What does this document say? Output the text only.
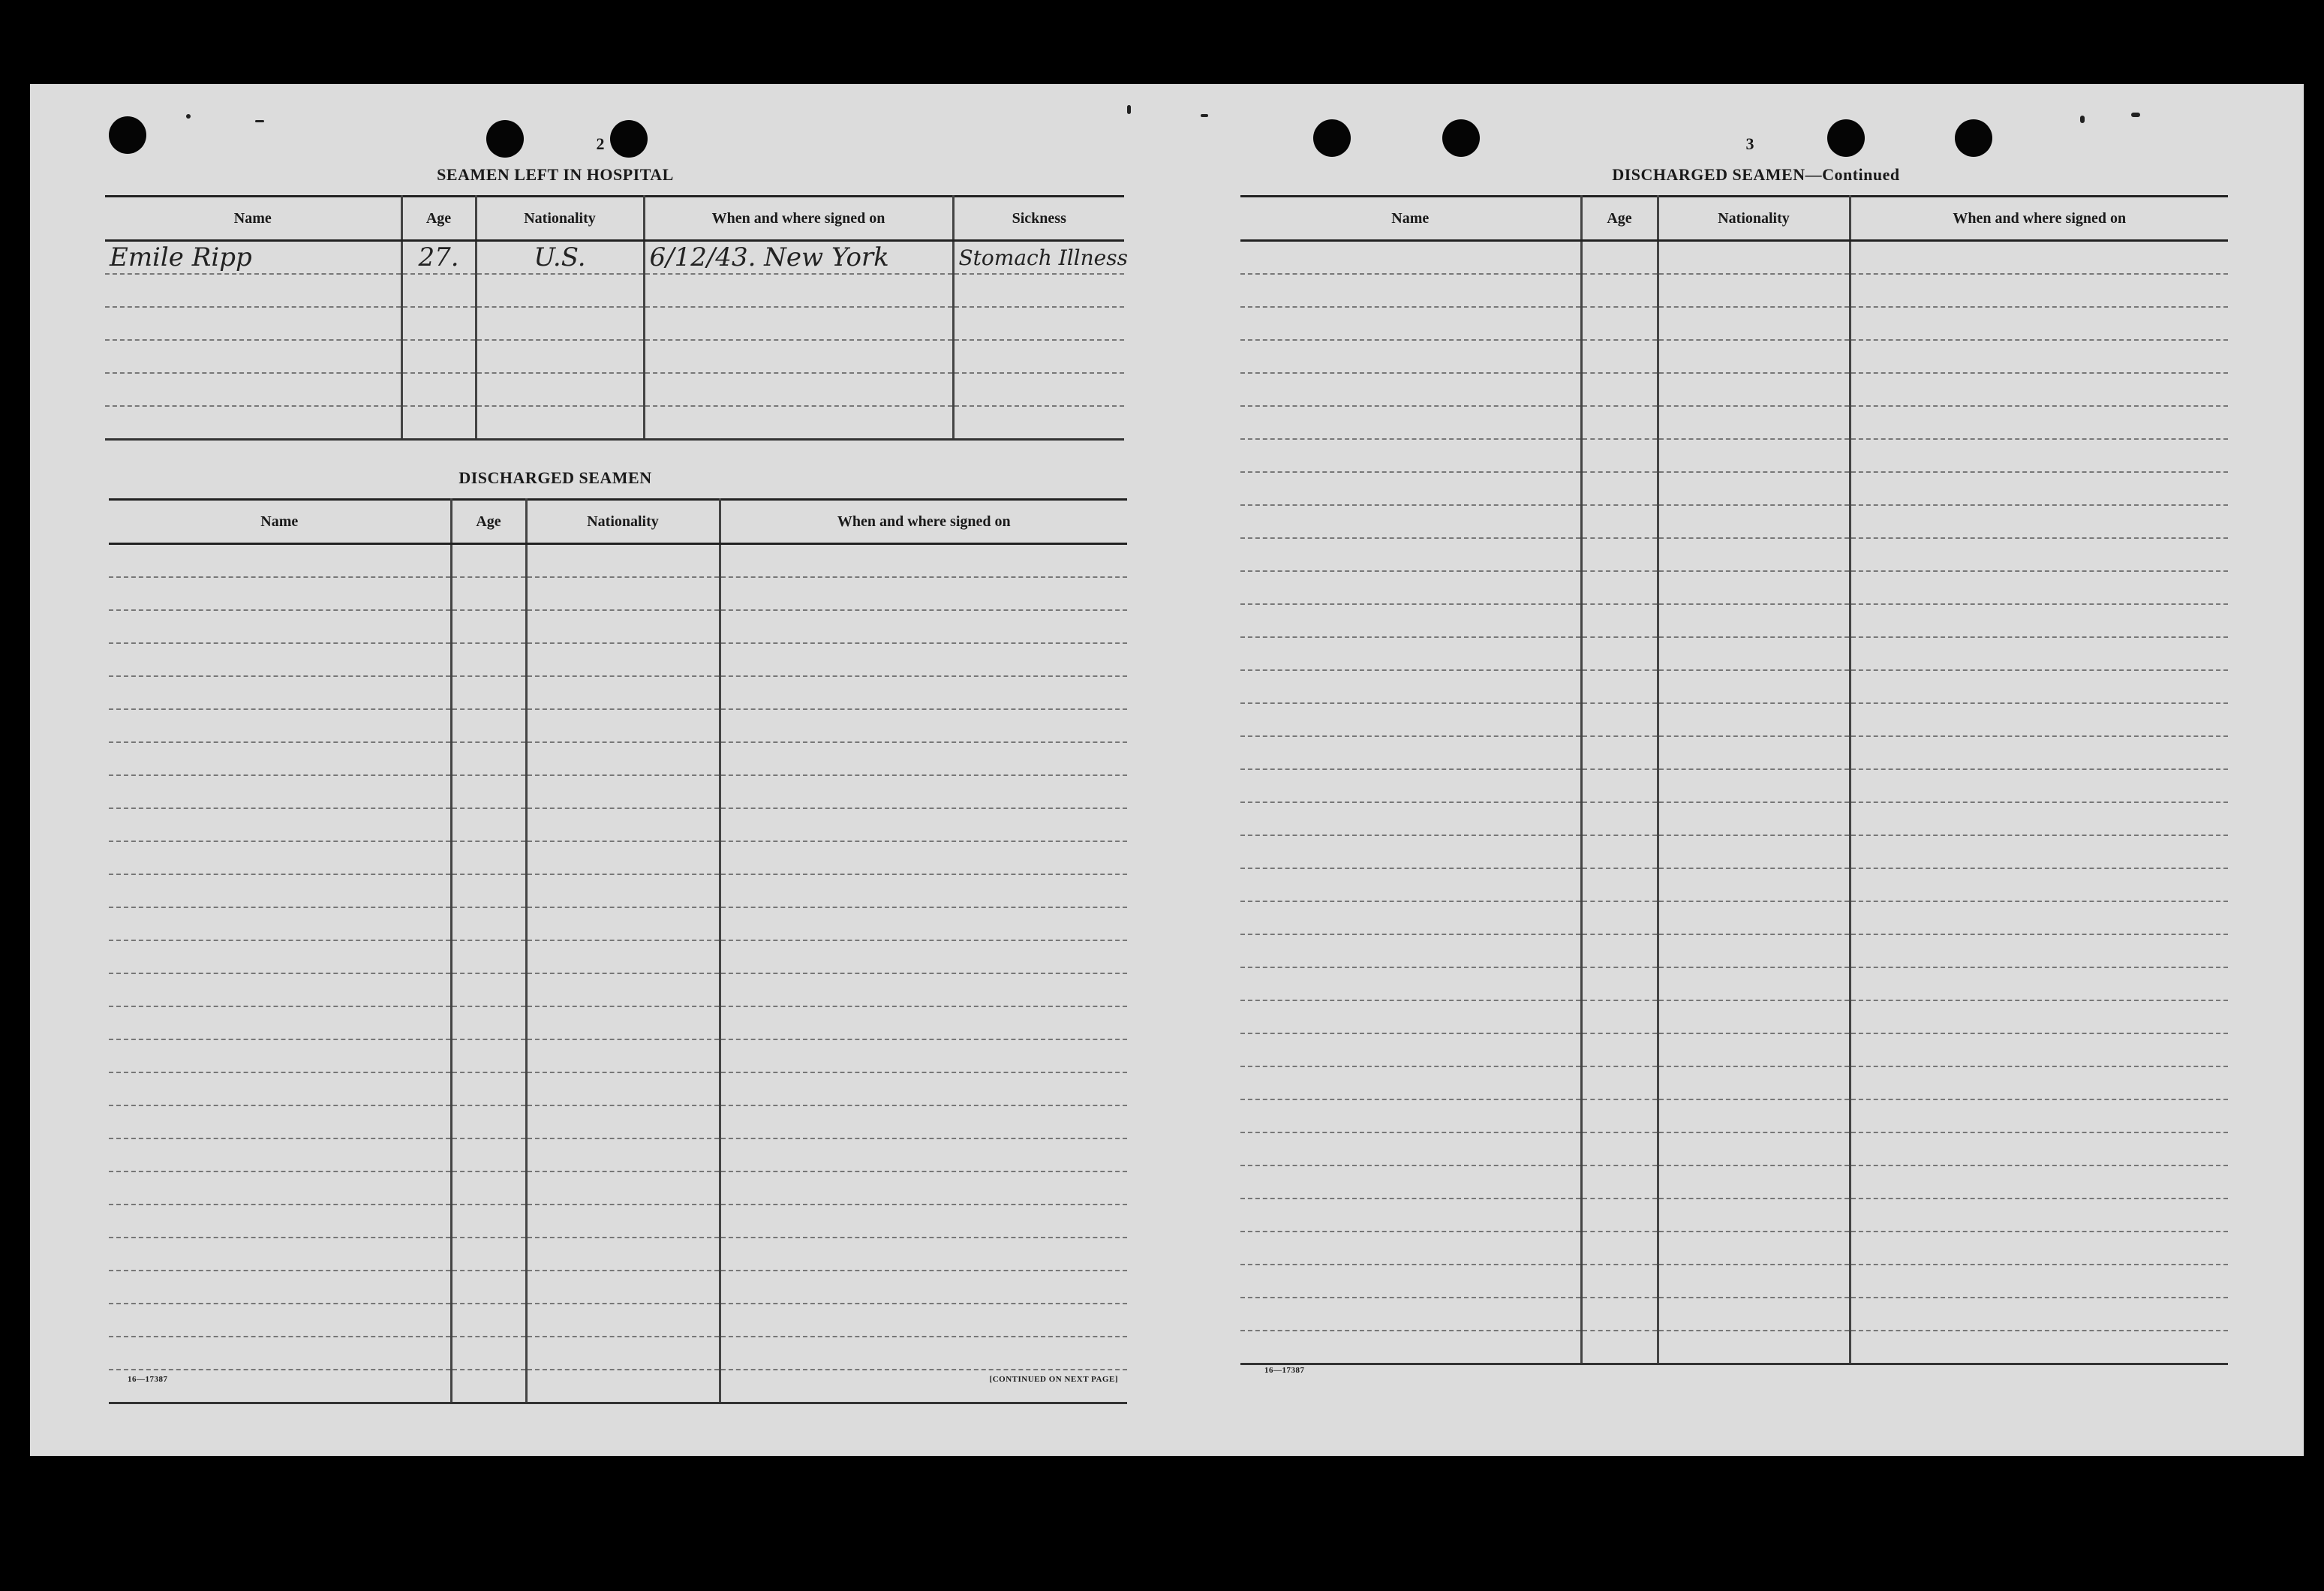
2
SEAMEN LEFT IN HOSPITAL
Name	Age	Nationality	When and where signed on	Sickness
Emile Ripp	27.	U.S.	6/12/43. New York	Stomach Illness

DISCHARGED SEAMEN
Name	Age	Nationality	When and where signed on

16—17387	[CONTINUED ON NEXT PAGE]
3
DISCHARGED SEAMEN—Continued
Name	Age	Nationality	When and where signed on

16—17387
